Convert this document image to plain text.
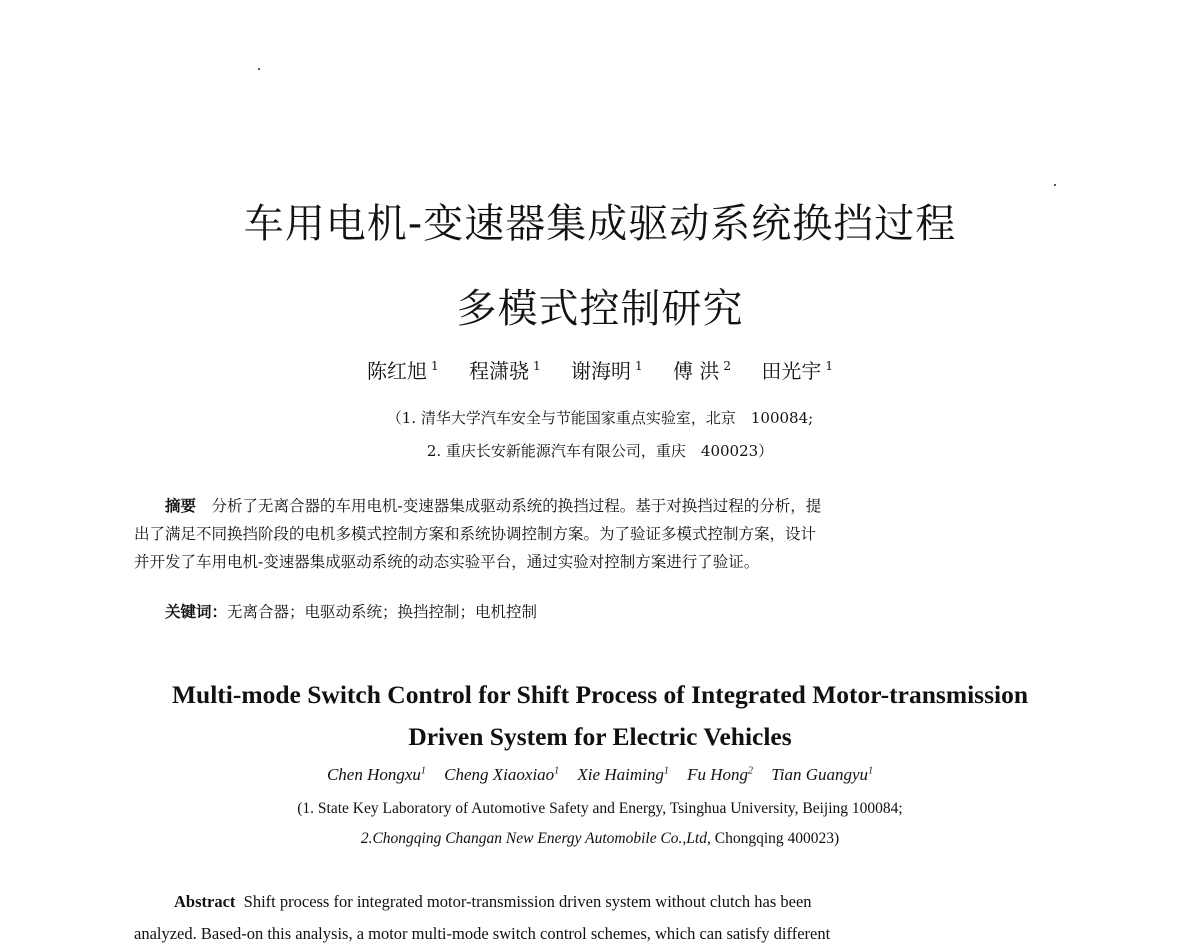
车用电机-变速器集成驱动系统换挡过程
多模式控制研究
陈红旭 $^1$ 程潇骁 $^1$ 谢海明 $^1$ 傅 洪 $^2$ 田光宇 $^1$
（1. 清华大学汽车安全与节能国家重点实验室，北京　100084;
2. 重庆长安新能源汽车有限公司，重庆　400023）

摘要　分析了无离合器的车用电机-变速器集成驱动系统的换挡过程。基于对换挡过程的分析，提

出了满足不同换挡阶段的电机多模式控制方案和系统协调控制方案。为了验证多模式控制方案，设计

并开发了车用电机-变速器集成驱动系统的动态实验平台，通过实验对控制方案进行了验证。

关键词：无离合器；电驱动系统；换挡控制；电机控制
Multi-mode Switch Control for Shift Process of Integrated Motor-transmission
Driven System for Electric Vehicles
Chen Hongxu$^1$ Cheng Xiaoxiao$^1$ Xie Haiming$^1$ Fu Hong$^2$ Tian Guangyu$^1$
(1. State Key Laboratory of Automotive Safety and Energy, Tsinghua University, Beijing 100084;
2.Chongqing Changan New Energy Automobile Co.,Ltd, Chongqing 400023)

Abstract Shift process for integrated motor-transmission driven system without clutch has been

analyzed. Based-on this analysis, a motor multi-mode switch control schemes, which can satisfy different
